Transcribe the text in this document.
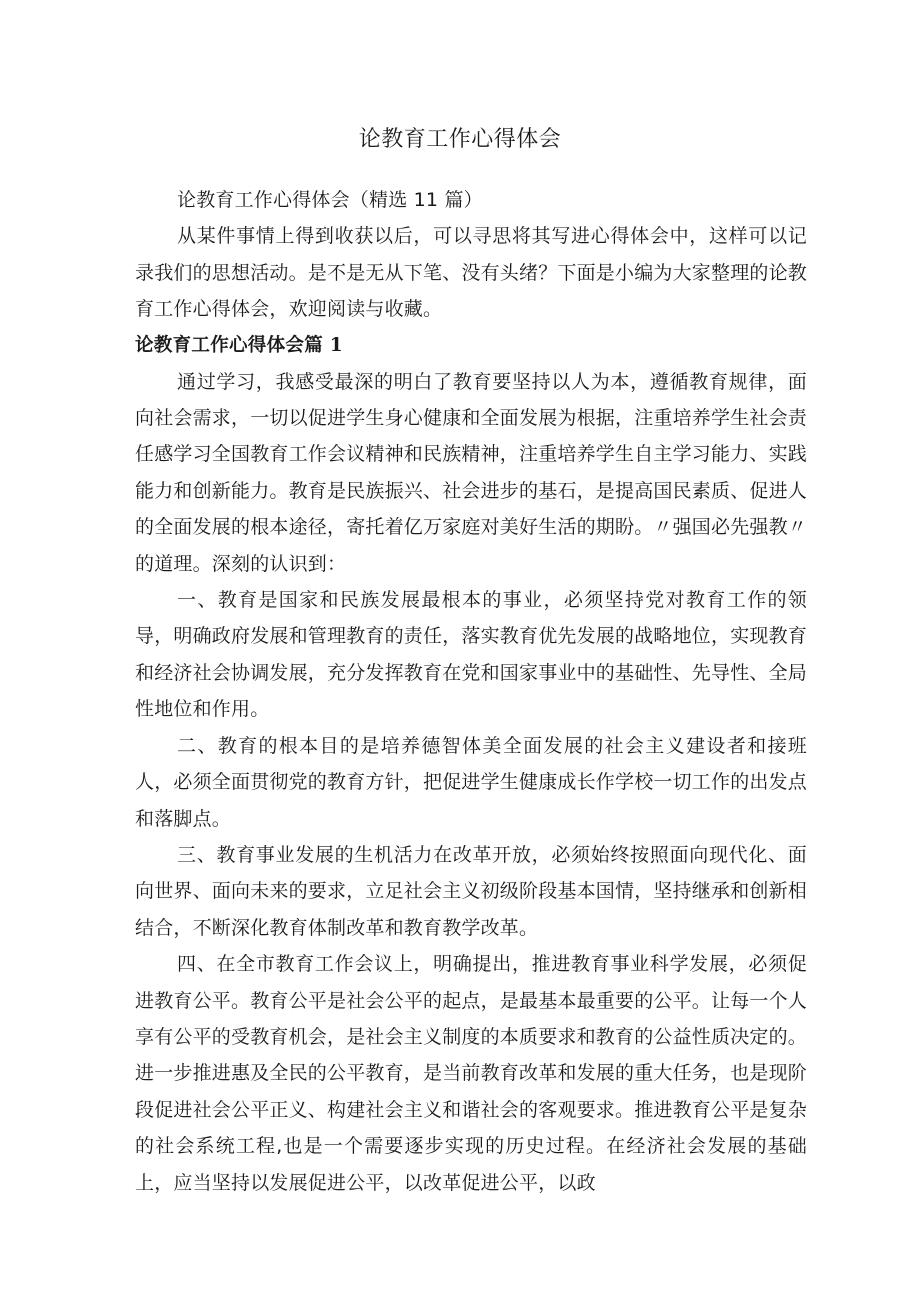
论教育工作心得体会

论教育工作心得体会（精选 11 篇）

从某件事情上得到收获以后，可以寻思将其写进心得体会中，这样可以记录我们的思想活动。是不是无从下笔、没有头绪？下面是小编为大家整理的论教育工作心得体会，欢迎阅读与收藏。

论教育工作心得体会篇 1

通过学习，我感受最深的明白了教育要坚持以人为本，遵循教育规律，面向社会需求，一切以促进学生身心健康和全面发展为根据，注重培养学生社会责任感学习全国教育工作会议精神和民族精神，注重培养学生自主学习能力、实践能力和创新能力。教育是民族振兴、社会进步的基石，是提高国民素质、促进人的全面发展的根本途径，寄托着亿万家庭对美好生活的期盼。〃强国必先强教〃的道理。深刻的认识到：

一、教育是国家和民族发展最根本的事业，必须坚持党对教育工作的领导，明确政府发展和管理教育的责任，落实教育优先发展的战略地位，实现教育和经济社会协调发展，充分发挥教育在党和国家事业中的基础性、先导性、全局性地位和作用。

二、教育的根本目的是培养德智体美全面发展的社会主义建设者和接班人，必须全面贯彻党的教育方针，把促进学生健康成长作学校一切工作的出发点和落脚点。

三、教育事业发展的生机活力在改革开放，必须始终按照面向现代化、面向世界、面向未来的要求，立足社会主义初级阶段基本国情，坚持继承和创新相结合，不断深化教育体制改革和教育教学改革。

四、在全市教育工作会议上，明确提出，推进教育事业科学发展，必须促进教育公平。教育公平是社会公平的起点，是最基本最重要的公平。让每一个人享有公平的受教育机会，是社会主义制度的本质要求和教育的公益性质决定的。进一步推进惠及全民的公平教育，是当前教育改革和发展的重大任务，也是现阶段促进社会公平正义、构建社会主义和谐社会的客观要求。推进教育公平是复杂的社会系统工程,也是一个需要逐步实现的历史过程。在经济社会发展的基础上，应当坚持以发展促进公平，以改革促进公平，以政
